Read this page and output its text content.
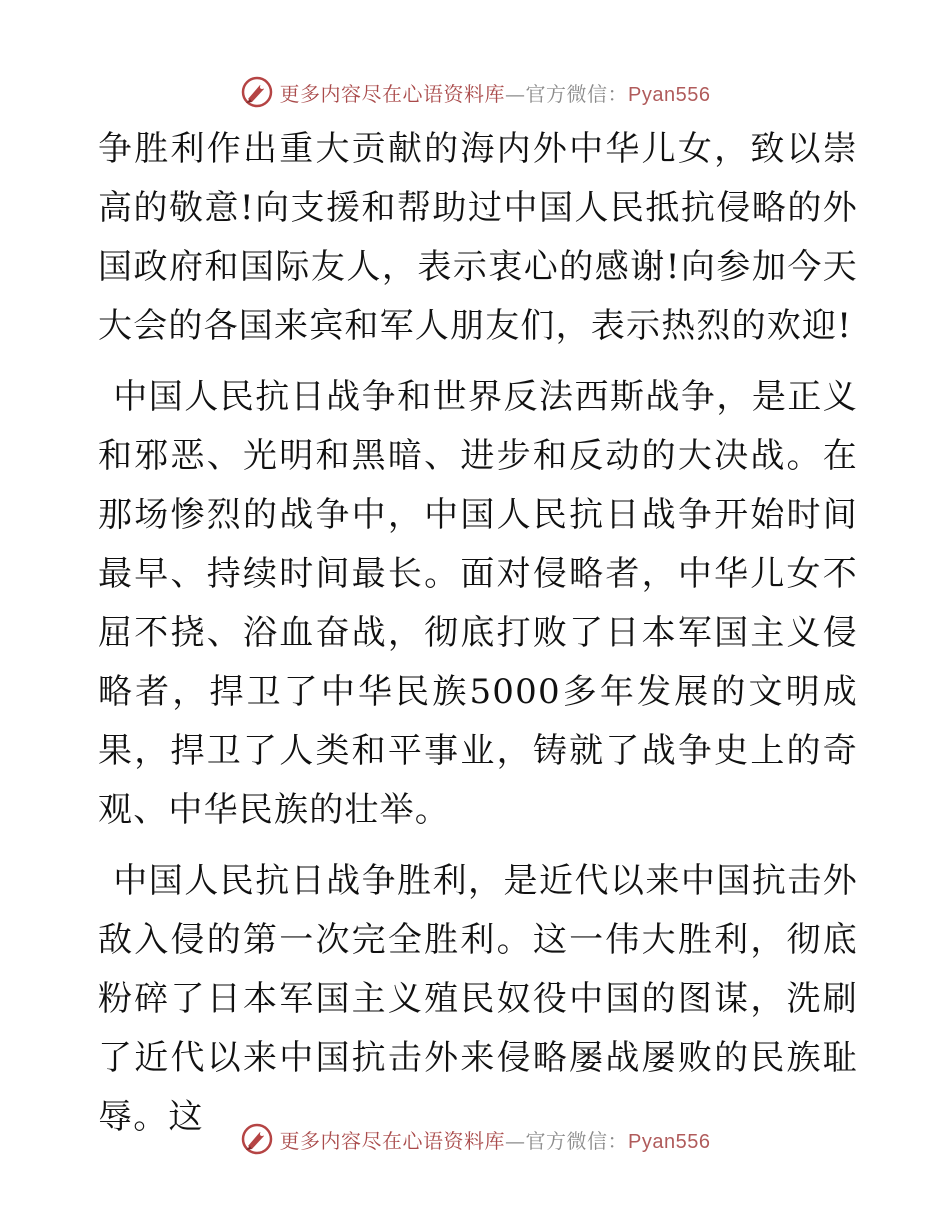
更多内容尽在心语资料库—官方微信：Pyan556

争胜利作出重大贡献的海内外中华儿女，致以崇高的敬意!向支援和帮助过中国人民抵抗侵略的外国政府和国际友人，表示衷心的感谢!向参加今天大会的各国来宾和军人朋友们，表示热烈的欢迎!

中国人民抗日战争和世界反法西斯战争，是正义和邪恶、光明和黑暗、进步和反动的大决战。在那场惨烈的战争中，中国人民抗日战争开始时间最早、持续时间最长。面对侵略者，中华儿女不屈不挠、浴血奋战，彻底打败了日本军国主义侵略者，捍卫了中华民族5000多年发展的文明成果，捍卫了人类和平事业，铸就了战争史上的奇观、中华民族的壮举。

中国人民抗日战争胜利，是近代以来中国抗击外敌入侵的第一次完全胜利。这一伟大胜利，彻底粉碎了日本军国主义殖民奴役中国的图谋，洗刷了近代以来中国抗击外来侵略屡战屡败的民族耻辱。这

更多内容尽在心语资料库—官方微信：Pyan556
